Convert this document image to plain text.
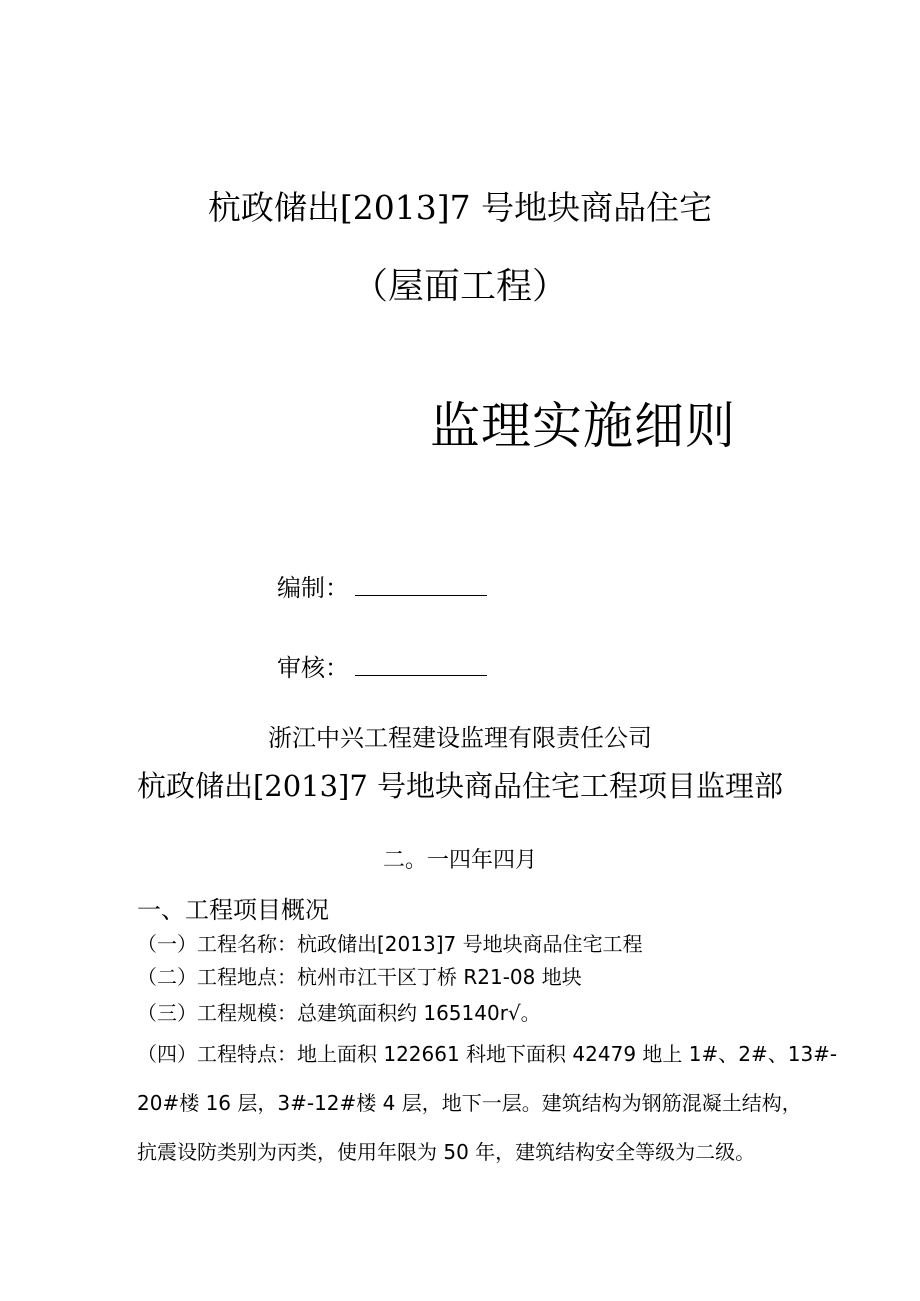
杭政储出[2013]7 号地块商品住宅
（屋面工程）
监理实施细则
编制：
审核：
浙江中兴工程建设监理有限责任公司
杭政储出[2013]7 号地块商品住宅工程项目监理部
二。一四年四月
一、工程项目概况
（一）工程名称：杭政储出[2013]7 号地块商品住宅工程
（二）工程地点：杭州市江干区丁桥 R21-08 地块
（三）工程规模：总建筑面积约 165140r√。
（四）工程特点：地上面积 122661 科地下面积 42479 地上 1#、2#、13#-
20#楼 16 层，3#-12#楼 4 层，地下一层。建筑结构为钢筋混凝土结构，
抗震设防类别为丙类，使用年限为 50 年，建筑结构安全等级为二级。
